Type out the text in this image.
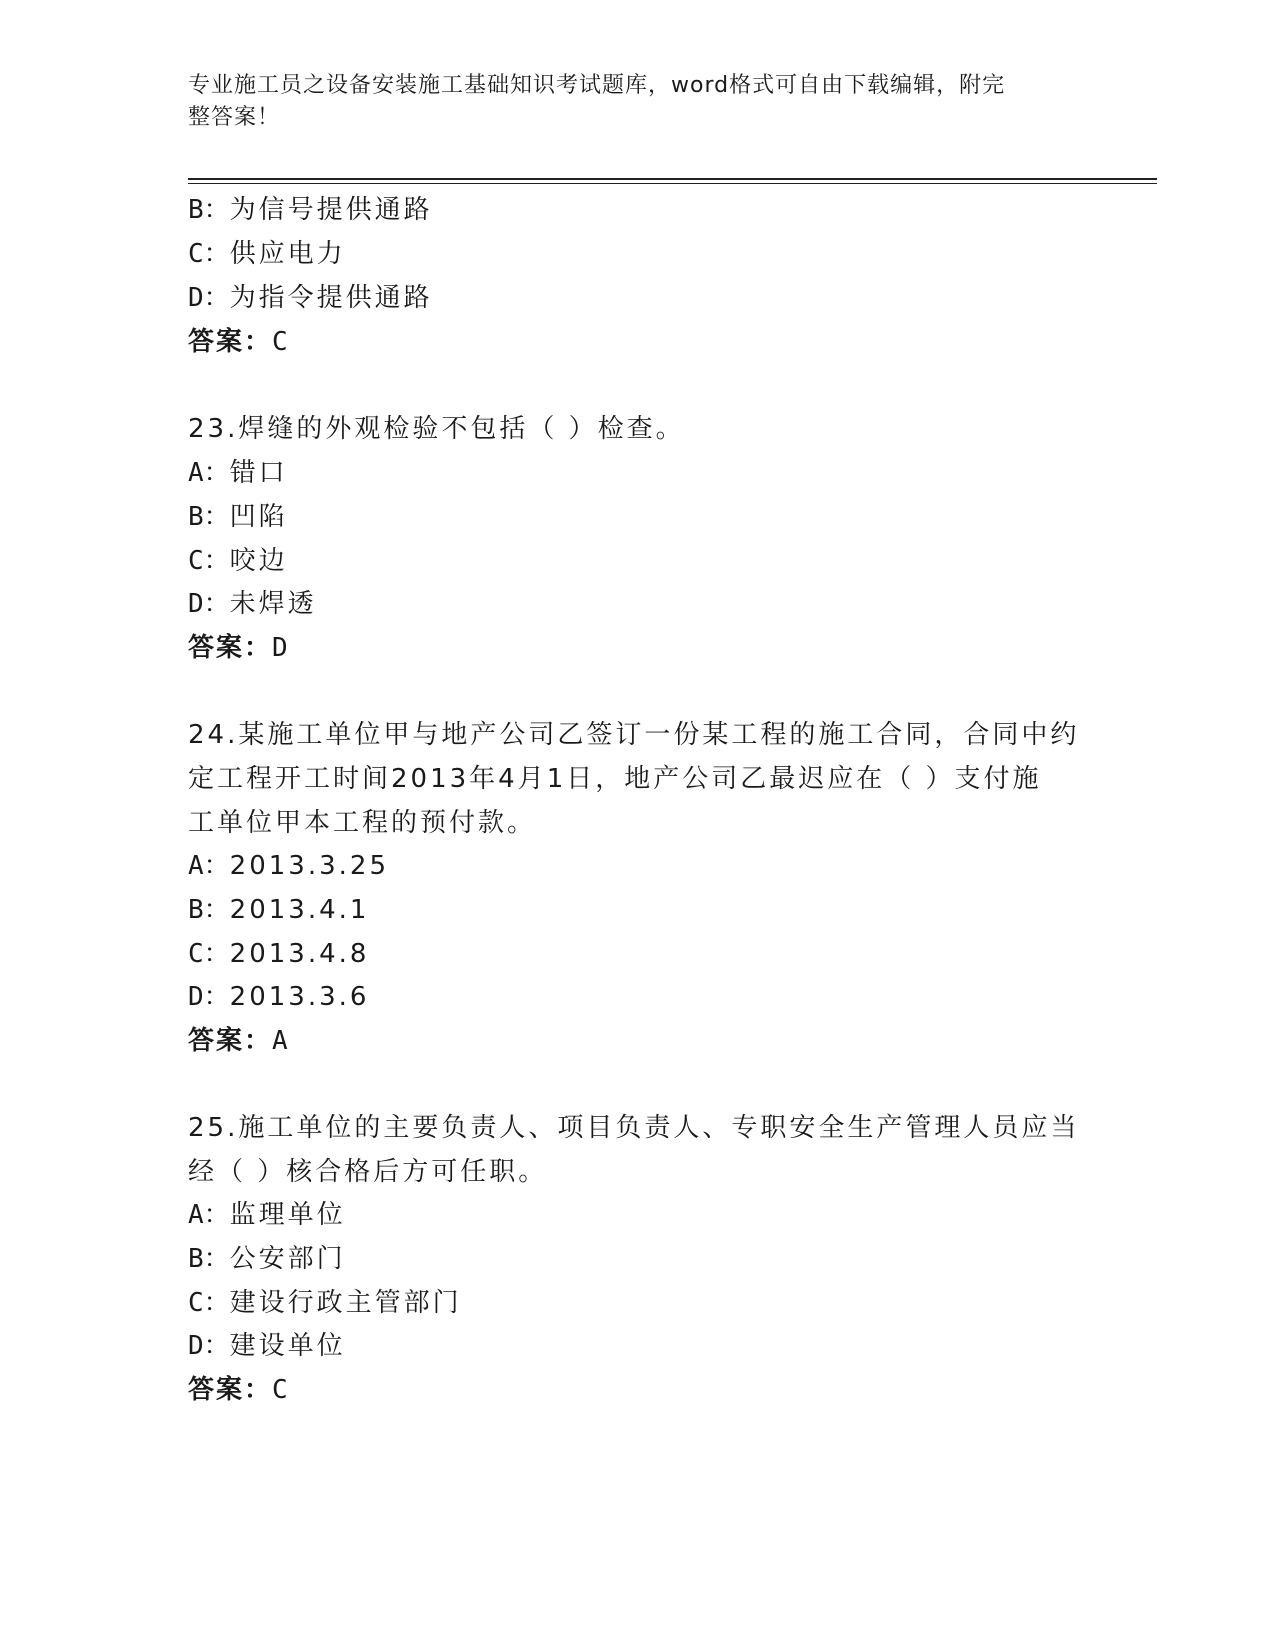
专业施工员之设备安装施工基础知识考试题库，word格式可自由下载编辑，附完
整答案！
B：为信号提供通路
C：供应电力
D：为指令提供通路
答案：C
23.焊缝的外观检验不包括（ ）检查。
A：错口
B：凹陷
C：咬边
D：未焊透
答案：D
24.某施工单位甲与地产公司乙签订一份某工程的施工合同，合同中约
定工程开工时间2013年4月1日，地产公司乙最迟应在（ ）支付施
工单位甲本工程的预付款。
A：2013.3.25
B：2013.4.1
C：2013.4.8
D：2013.3.6
答案：A
25.施工单位的主要负责人、项目负责人、专职安全生产管理人员应当
经（ ）核合格后方可任职。
A：监理单位
B：公安部门
C：建设行政主管部门
D：建设单位
答案：C
